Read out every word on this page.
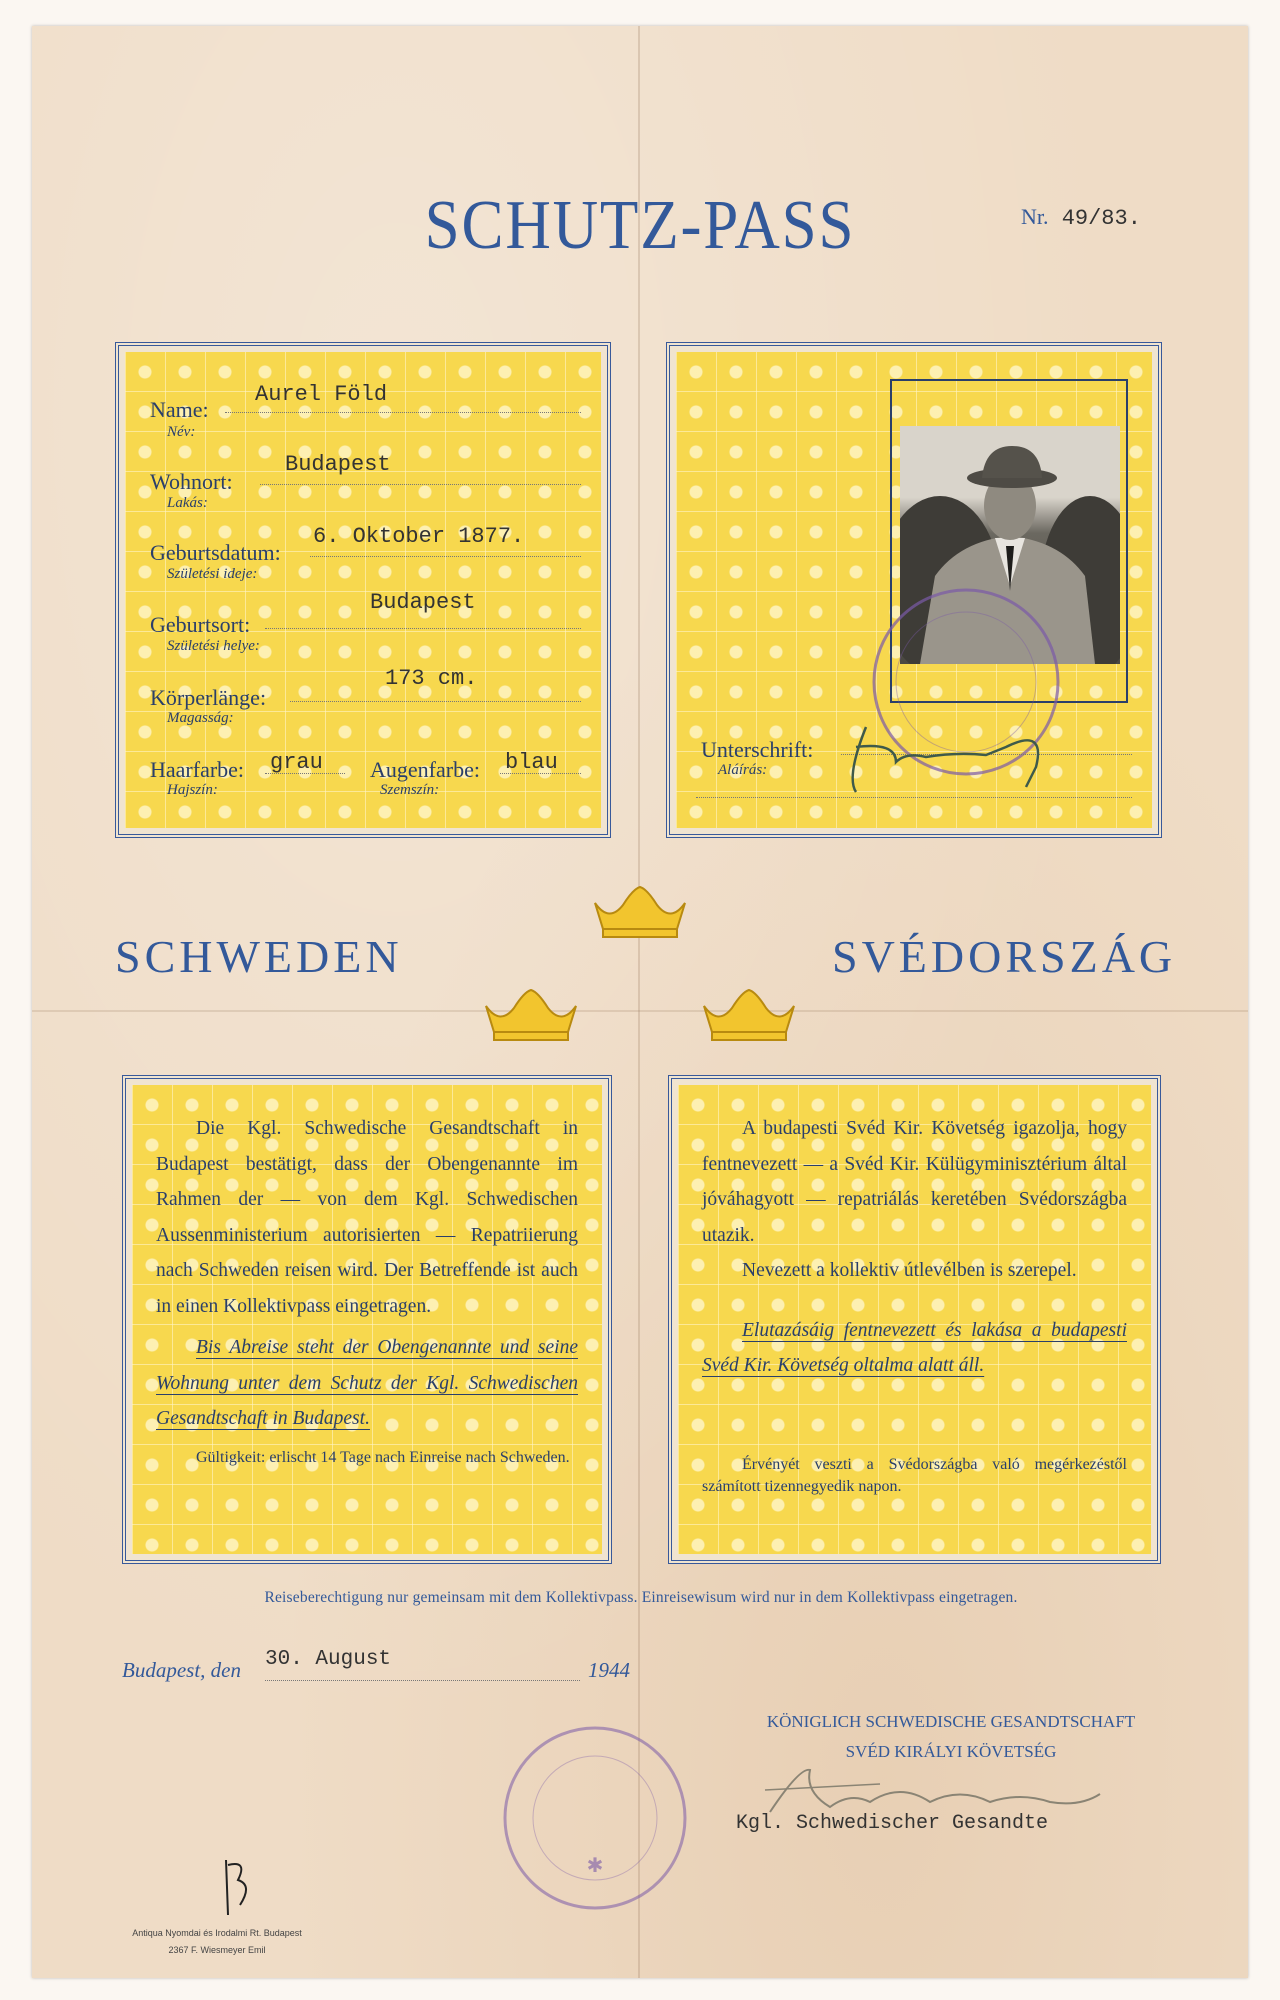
SCHUTZ-PASS	Nr. 49/83.
Name:
Név:
Aurel Föld
Wohnort:
Lakás:
Budapest
Geburtsdatum:
Születési ideje:
6. Oktober 1877.
Geburtsort:
Születési helye:
Budapest
Körperlänge:
Magasság:
173 cm.
Haarfarbe:
Hajszín:
grau Augenfarbe:
Szemszín:
blau
Unterschrift:
Aláírás:
SCHWEDEN	SVÉDORSZÁG

Die Kgl. Schwedische Gesandtschaft in Budapest bestätigt, dass der Obengenannte im Rahmen der — von dem Kgl. Schwedischen Aussenministerium autorisierten — Repatriierung nach Schweden reisen wird. Der Betreffende ist auch in einen Kollektivpass eingetragen.

Bis Abreise steht der Obengenannte und seine Wohnung unter dem Schutz der Kgl. Schwedischen Gesandtschaft in Budapest.

Gültigkeit: erlischt 14 Tage nach Einreise nach Schweden.

A budapesti Svéd Kir. Követség igazolja, hogy fentnevezett — a Svéd Kir. Külügyminisztérium által jóváhagyott — repatriálás keretében Svédországba utazik.

Nevezett a kollektiv útlevélben is szerepel.

Elutazásáig fentnevezett és lakása a budapesti Svéd Kir. Követség oltalma alatt áll.

Érvényét veszti a Svédországba való megérkezéstől számított tizennegyedik napon.

Reiseberechtigung nur gemeinsam mit dem Kollektivpass. Einreisewisum wird nur in dem Kollektivpass eingetragen.
Budapest, den 30. August	1944
✱
KÖNIGLICH SCHWEDISCHE GESANDTSCHAFT
SVÉD KIRÁLYI KÖVETSÉG
Kgl. Schwedischer Gesandte
Antiqua Nyomdai és Irodalmi Rt. Budapest
2367 F. Wiesmeyer Emil
